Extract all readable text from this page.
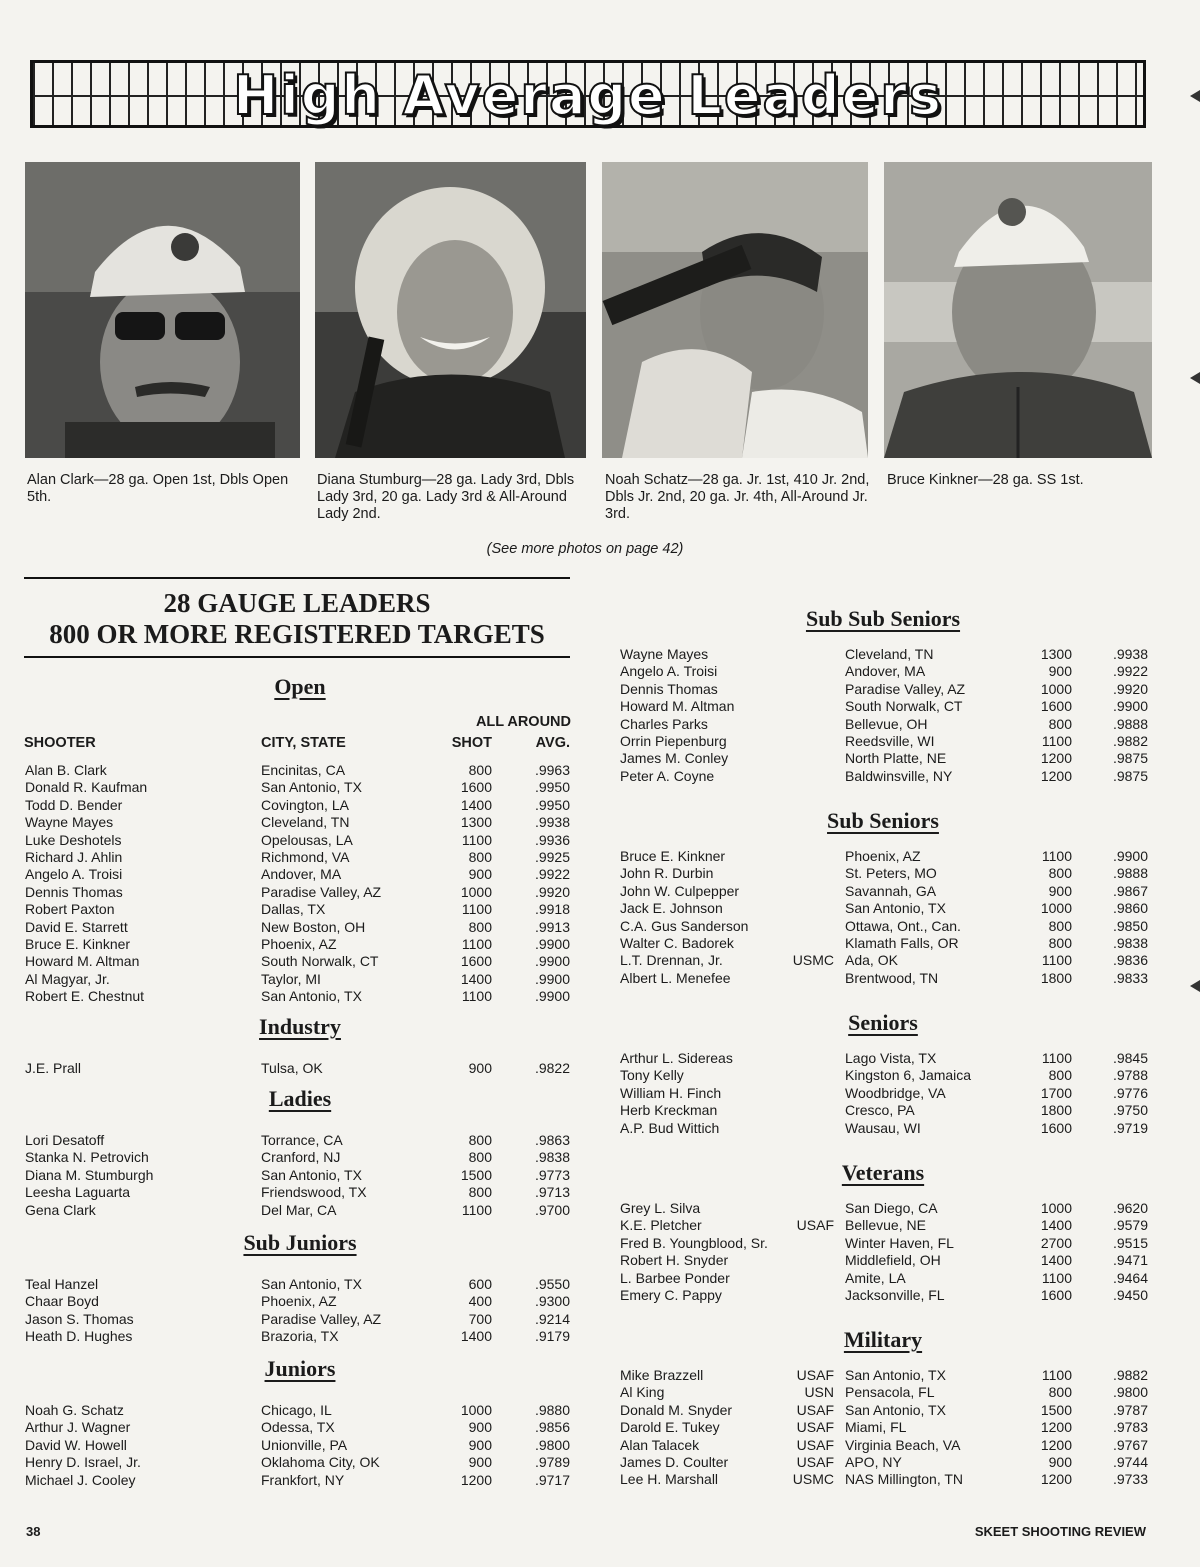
High Average Leaders
Alan Clark—28 ga. Open 1st, Dbls Open 5th.
Diana Stumburg—28 ga. Lady 3rd, Dbls Lady 3rd, 20 ga. Lady 3rd & All-Around Lady 2nd.
Noah Schatz—28 ga. Jr. 1st, 410 Jr. 2nd, Dbls Jr. 2nd, 20 ga. Jr. 4th, All-Around Jr. 3rd.
Bruce Kinkner—28 ga. SS 1st.
(See more photos on page 42)
28 GAUGE LEADERS
800 OR MORE REGISTERED TARGETS
ALL AROUND
SHOOTER	CITY, STATE	SHOT	AVG.
Open
Alan B. Clark	Encinitas, CA	800	.9963
Donald R. Kaufman	San Antonio, TX	1600	.9950
Todd D. Bender	Covington, LA	1400	.9950
Wayne Mayes	Cleveland, TN	1300	.9938
Luke Deshotels	Opelousas, LA	1100	.9936
Richard J. Ahlin	Richmond, VA	800	.9925
Angelo A. Troisi	Andover, MA	900	.9922
Dennis Thomas	Paradise Valley, AZ	1000	.9920
Robert Paxton	Dallas, TX	1100	.9918
David E. Starrett	New Boston, OH	800	.9913
Bruce E. Kinkner	Phoenix, AZ	1100	.9900
Howard M. Altman	South Norwalk, CT	1600	.9900
Al Magyar, Jr.	Taylor, MI	1400	.9900
Robert E. Chestnut	San Antonio, TX	1100	.9900
Industry
J.E. Prall	Tulsa, OK	900	.9822
Ladies
Lori Desatoff	Torrance, CA	800	.9863
Stanka N. Petrovich	Cranford, NJ	800	.9838
Diana M. Stumburgh	San Antonio, TX	1500	.9773
Leesha Laguarta	Friendswood, TX	800	.9713
Gena Clark	Del Mar, CA	1100	.9700
Sub Juniors
Teal Hanzel	San Antonio, TX	600	.9550
Chaar Boyd	Phoenix, AZ	400	.9300
Jason S. Thomas	Paradise Valley, AZ	700	.9214
Heath D. Hughes	Brazoria, TX	1400	.9179
Juniors
Noah G. Schatz	Chicago, IL	1000	.9880
Arthur J. Wagner	Odessa, TX	900	.9856
David W. Howell	Unionville, PA	900	.9800
Henry D. Israel, Jr.	Oklahoma City, OK	900	.9789
Michael J. Cooley	Frankfort, NY	1200	.9717
Sub Sub Seniors
Wayne Mayes	Cleveland, TN	1300	.9938
Angelo A. Troisi	Andover, MA	900	.9922
Dennis Thomas	Paradise Valley, AZ	1000	.9920
Howard M. Altman	South Norwalk, CT	1600	.9900
Charles Parks	Bellevue, OH	800	.9888
Orrin Piepenburg	Reedsville, WI	1100	.9882
James M. Conley	North Platte, NE	1200	.9875
Peter A. Coyne	Baldwinsville, NY	1200	.9875
Sub Seniors
Bruce E. Kinkner	Phoenix, AZ	1100	.9900
John R. Durbin	St. Peters, MO	800	.9888
John W. Culpepper	Savannah, GA	900	.9867
Jack E. Johnson	San Antonio, TX	1000	.9860
C.A. Gus Sanderson	Ottawa, Ont., Can.	800	.9850
Walter C. Badorek	Klamath Falls, OR	800	.9838
L.T. Drennan, Jr.	USMC Ada, OK	1100	.9836
Albert L. Menefee	Brentwood, TN	1800	.9833
Seniors
Arthur L. Sidereas	Lago Vista, TX	1100	.9845
Tony Kelly	Kingston 6, Jamaica	800	.9788
William H. Finch	Woodbridge, VA	1700	.9776
Herb Kreckman	Cresco, PA	1800	.9750
A.P. Bud Wittich	Wausau, WI	1600	.9719
Veterans
Grey L. Silva	San Diego, CA	1000	.9620
K.E. Pletcher	USAF Bellevue, NE	1400	.9579
Fred B. Youngblood, Sr.	Winter Haven, FL	2700	.9515
Robert H. Snyder	Middlefield, OH	1400	.9471
L. Barbee Ponder	Amite, LA	1100	.9464
Emery C. Pappy	Jacksonville, FL	1600	.9450
Military
Mike Brazzell	USAF San Antonio, TX	1100	.9882
Al King	USN Pensacola, FL	800	.9800
Donald M. Snyder	USAF San Antonio, TX	1500	.9787
Darold E. Tukey	USAF Miami, FL	1200	.9783
Alan Talacek	USAF Virginia Beach, VA	1200	.9767
James D. Coulter	USAF APO, NY	900	.9744
Lee H. Marshall	USMC NAS Millington, TN	1200	.9733
38	SKEET SHOOTING REVIEW
